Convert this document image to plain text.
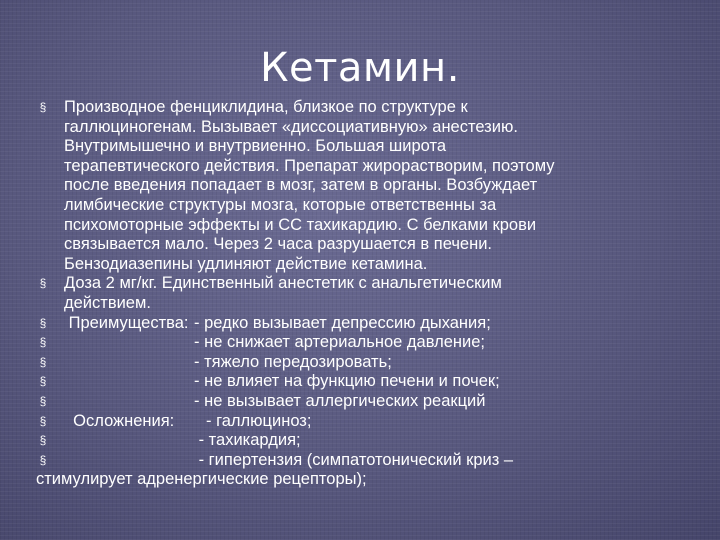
Кетамин.
§ Производное фенциклидина, близкое по структуре к
галлюциногенам. Вызывает «диссоциативную» анестезию.
Внутримышечно и внутрвиенно. Большая широта
терапевтического действия. Препарат жирорастворим, поэтому
после введения попадает в мозг, затем в органы. Возбуждает
лимбические структуры мозга, которые ответственны за
психомоторные эффекты и СС тахикардию. С белками крови
связывается мало. Через 2 часа разрушается в печени.
Бензодиазепины удлиняют действие кетамина.
§ Доза 2 мг/кг. Единственный анестетик с анальгетическим
действием.
§ Преимущества: - редко вызывает депрессию дыхания;
§	- не снижает артериальное давление;
§	- тяжело передозировать;
§	- не влияет на функцию печени и почек;
§	- не вызывает аллергических реакций
§ Осложнения: - галлюциноз;
§	- тахикардия;
§	- гипертензия (симпатотонический криз –
стимулирует адренергические рецепторы);
